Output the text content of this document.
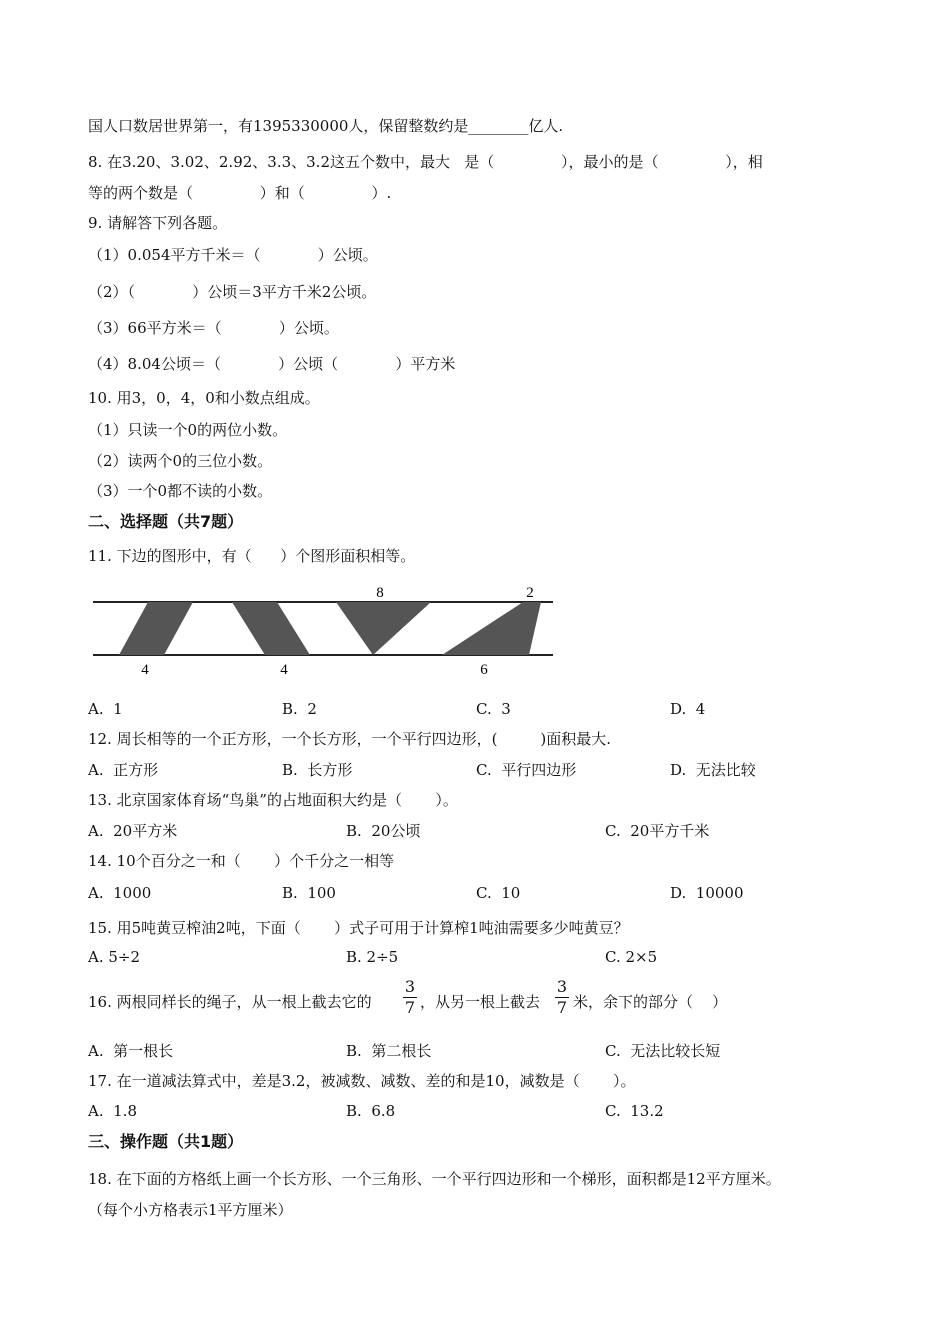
国人口数居世界第一，有1395330000人，保留整数约是________亿人.
8. 在3.20、3.02、2.92、3.3、3.2这五个数中，最大   是（              ），最小的是（              ），相
等的两个数是（              ）和（              ）.
9. 请解答下列各题。
（1）0.054平方千米＝（            ）公顷。
（2）（            ）公顷＝3平方千米2公顷。
（3）66平方米＝（            ）公顷。
（4）8.04公顷＝（            ）公顷（            ）平方米
10. 用3，0，4，0和小数点组成。
（1）只读一个0的两位小数。
（2）读两个0的三位小数。
（3）一个0都不读的小数。
二、选择题（共7题）
11. 下边的图形中，有（      ）个图形面积相等。
8	2
4	4	6
A.  1	B.  2	C.  3	D.  4
12. 周长相等的一个正方形，一个长方形，一个平行四边形，(         )面积最大.
A.  正方形	B.  长方形	C.  平行四边形	D.  无法比较
13. 北京国家体育场“鸟巢”的占地面积大约是（       ）。
A.  20平方米	B.  20公顷	C.  20平方千米
14. 10个百分之一和（       ）个千分之一相等
A.  1000	B.  100	C.  10	D.  10000
15. 用5吨黄豆榨油2吨，下面（       ）式子可用于计算榨1吨油需要多少吨黄豆？
A. 5÷2	B. 2÷5	C. 2×5
16. 两根同样长的绳子，从一根上截去它的
3
7 ，从另一根上截去
3
7 米，余下的部分（    ）
A.  第一根长	B.  第二根长	C.  无法比较长短
17. 在一道减法算式中，差是3.2，被减数、减数、差的和是10，减数是（       ）。
A.  1.8	B.  6.8	C.  13.2
三、操作题（共1题）
18. 在下面的方格纸上画一个长方形、一个三角形、一个平行四边形和一个梯形，面积都是12平方厘米。
（每个小方格表示1平方厘米）
